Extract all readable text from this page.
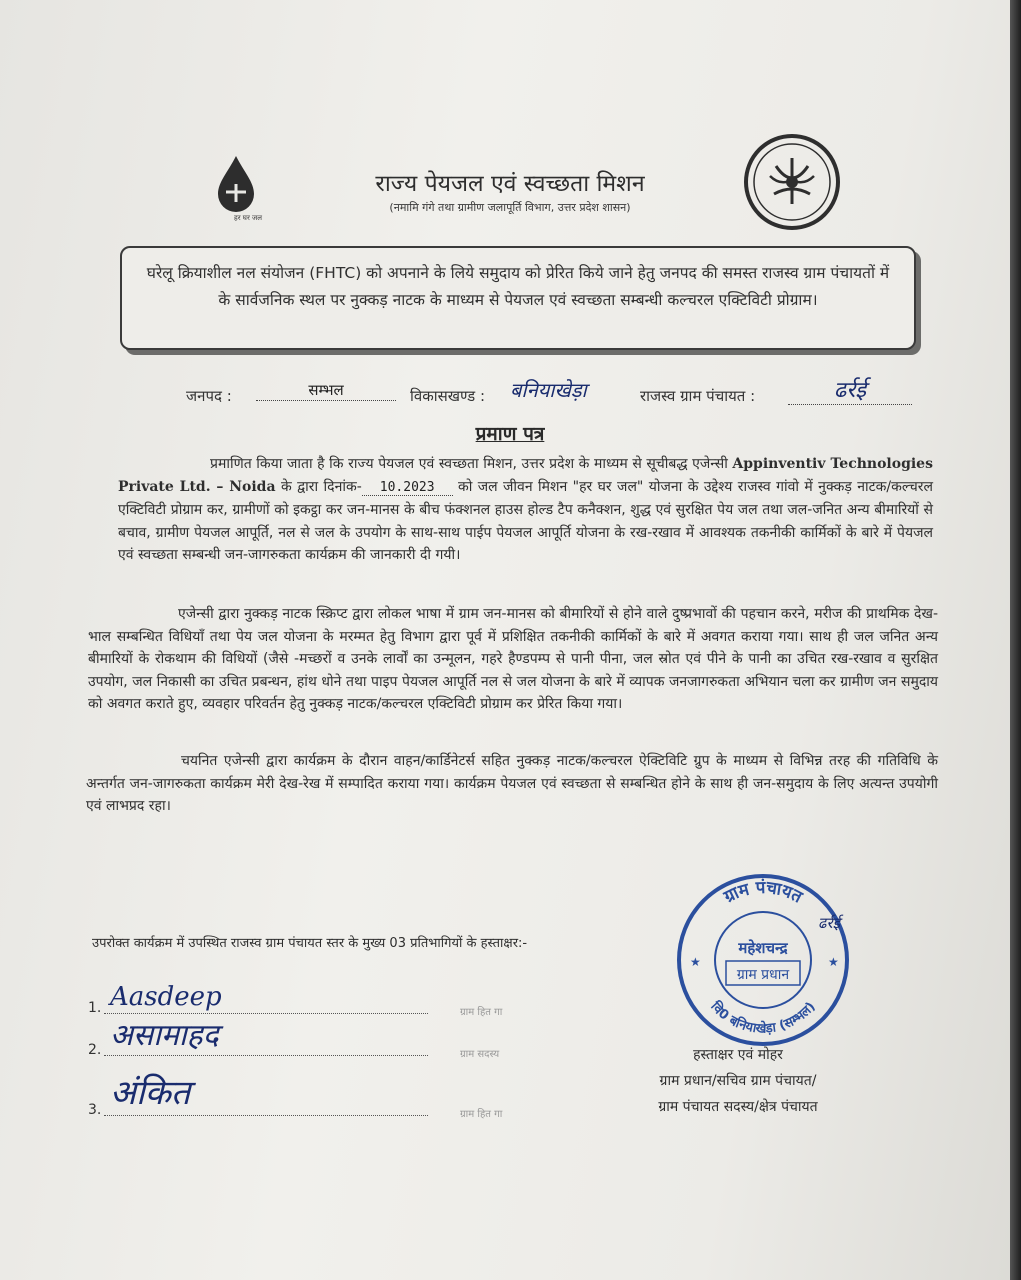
हर घर जल
राज्य पेयजल एवं स्वच्छता मिशन
(नमामि गंगे तथा ग्रामीण जलापूर्ति विभाग, उत्तर प्रदेश शासन)
घरेलू क्रियाशील नल संयोजन (FHTC) को अपनाने के लिये समुदाय को प्रेरित किये जाने हेतु जनपद की समस्त राजस्व ग्राम पंचायतों में के सार्वजनिक स्थल पर नुक्कड़ नाटक के माध्यम से पेयजल एवं स्वच्छता सम्बन्धी कल्चरल एक्टिविटी प्रोग्राम।
जनपद :	सम्भल	विकासखण्ड : बनियाखेड़ा	राजस्व ग्राम पंचायत :	ढर्रई
प्रमाण पत्र
प्रमाणित किया जाता है कि राज्य पेयजल एवं स्वच्छता मिशन, उत्तर प्रदेश के माध्यम से सूचीबद्ध एजेन्सी Appinventiv Technologies Private Ltd. – Noida के द्वारा दिनांक- 10.2023 को जल जीवन मिशन "हर घर जल" योजना के उद्देश्य राजस्व गांवो में नुक्कड़ नाटक/कल्चरल एक्टिविटी प्रोग्राम कर, ग्रामीणों को इकट्ठा कर जन-मानस के बीच फंक्शनल हाउस होल्ड टैप कनैक्शन, शुद्ध एवं सुरक्षित पेय जल तथा जल-जनित अन्य बीमारियों से बचाव, ग्रामीण पेयजल आपूर्ति, नल से जल के उपयोग के साथ-साथ पाईप पेयजल आपूर्ति योजना के रख-रखाव में आवश्यक तकनीकी कार्मिकों के बारे में पेयजल एवं स्वच्छता सम्बन्धी जन-जागरुकता कार्यक्रम की जानकारी दी गयी।
एजेन्सी द्वारा नुक्कड़ नाटक स्क्रिप्ट द्वारा लोकल भाषा में ग्राम जन-मानस को बीमारियों से होने वाले दुष्प्रभावों की पहचान करने, मरीज की प्राथमिक देख-भाल सम्बन्धित विधियाँ तथा पेय जल योजना के मरम्मत हेतु विभाग द्वारा पूर्व में प्रशिक्षित तकनीकी कार्मिकों के बारे में अवगत कराया गया। साथ ही जल जनित अन्य बीमारियों के रोकथाम की विधियों (जैसे -मच्छरों व उनके लार्वों का उन्मूलन, गहरे हैण्डपम्प से पानी पीना, जल स्रोत एवं पीने के पानी का उचित रख-रखाव व सुरक्षित उपयोग, जल निकासी का उचित प्रबन्धन, हांथ धोने तथा पाइप पेयजल आपूर्ति नल से जल योजना के बारे में व्यापक जनजागरुकता अभियान चला कर ग्रामीण जन समुदाय को अवगत कराते हुए, व्यवहार परिवर्तन हेतु नुक्कड़ नाटक/कल्चरल एक्टिविटी प्रोग्राम कर प्रेरित किया गया।
चयनित एजेन्सी द्वारा कार्यक्रम के दौरान वाहन/कार्डिनेटर्स सहित नुक्कड़ नाटक/कल्चरल ऐक्टिविटि ग्रुप के माध्यम से विभिन्न तरह की गतिविधि के अन्तर्गत जन-जागरुकता कार्यक्रम मेरी देख-रेख में सम्पादित कराया गया। कार्यक्रम पेयजल एवं स्वच्छता से सम्बन्धित होने के साथ ही जन-समुदाय के लिए अत्यन्त उपयोगी एवं लाभप्रद रहा।
उपरोक्त कार्यक्रम में उपस्थित राजस्व ग्राम पंचायत स्तर के मुख्य 03 प्रतिभागियों के हस्ताक्षर:-
1. Aasdeep
ग्राम हित गा
2. असामाहद
ग्राम सदस्य
3. अंकित
ग्राम हित गा
ग्राम पंचायत
वि0 बनियाखेड़ा (सम्भल)
महेशचन्द्र
ग्राम प्रधान
ढर्रई
★	★
हस्ताक्षर एवं मोहर
ग्राम प्रधान/सचिव ग्राम पंचायत/
ग्राम पंचायत सदस्य/क्षेत्र पंचायत
